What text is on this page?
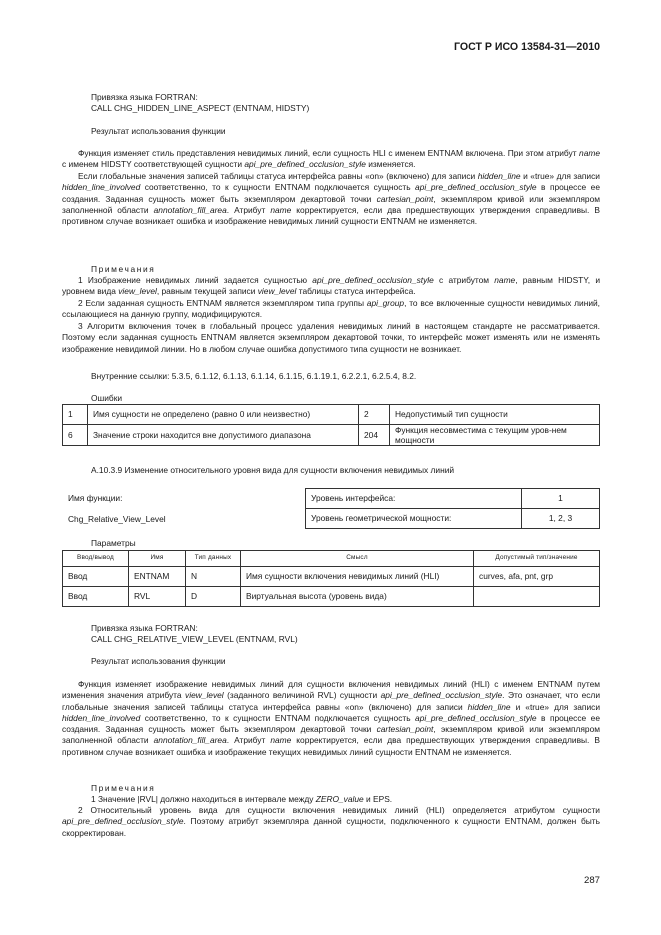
ГОСТ Р ИСО 13584-31—2010

Привязка языка FORTRAN:

CALL CHG_HIDDEN_LINE_ASPECT (ENTNAM, HIDSTY)

Результат использования функции

Функция изменяет стиль представления невидимых линий, если сущность HLI с именем ENTNAM включена. При этом атрибут name с именем HIDSTY соответствующей сущности api_pre_defined_occlusion_style изменяется.

Если глобальные значения записей таблицы статуса интерфейса равны «on» (включено) для записи hidden_line и «true» для записи hidden_line_involved соответственно, то к сущности ENTNAM подключается сущность api_pre_defined_occlusion_style в процессе ее создания. Заданная сущность может быть экземпляром декартовой точки cartesian_point, экземпляром кривой или экземпляром заполненной области annotation_fill_area. Атрибут name корректируется, если два предшествующих утверждения справедливы. В противном случае возникает ошибка и изображение невидимых линий сущности ENTNAM не изменяется.

Примечания

1 Изображение невидимых линий задается сущностью api_pre_defined_occlusion_style с атрибутом name, равным HIDSTY, и уровнем вида view_level, равным текущей записи view_level таблицы статуса интерфейса.

2 Если заданная сущность ENTNAM является экземпляром типа группы api_group, то все включенные сущности невидимых линий, ссылающиеся на данную группу, модифицируются.

3 Алгоритм включения точек в глобальный процесс удаления невидимых линий в настоящем стандарте не рассматривается. Поэтому если заданная сущность ENTNAM является экземпляром декартовой точки, то интерфейс может изменять или не изменять изображение невидимой линии. Но в любом случае ошибка допустимого типа сущности не возникает.

Внутренние ссылки: 5.3.5, 6.1.12, 6.1.13, 6.1.14, 6.1.15, 6.1.19.1, 6.2.2.1, 6.2.5.4, 8.2.

Ошибки

1	Имя сущности не определено (равно 0 или неизвестно)	2	Недопустимый тип сущности
6	Значение строки находится вне допустимого диапазона	204	Функция несовместима с текущим уров-нем мощности

А.10.3.9 Изменение относительного уровня вида для сущности включения невидимых линий

Имя функции:

Chg_Relative_View_Level

Уровень интерфейса:	1
Уровень геометрической мощности:	1, 2, 3

Параметры

Ввод/вывод	Имя	Тип данных	Смысл	Допустимый тип/значение
Ввод	ENTNAM	N	Имя сущности включения невидимых линий (HLI)	curves, afa, pnt, grp
Ввод	RVL	D	Виртуальная высота (уровень вида)	

Привязка языка FORTRAN:

CALL CHG_RELATIVE_VIEW_LEVEL (ENTNAM, RVL)

Результат использования функции

Функция изменяет изображение невидимых линий для сущности включения невидимых линий (HLI) с именем ENTNAM путем изменения значения атрибута view_level (заданного величиной RVL) сущности api_pre_defined_occlusion_style. Это означает, что если глобальные значения записей таблицы статуса интерфейса равны «on» (включено) для записи hidden_line и «true» для записи hidden_line_involved соответственно, то к сущности ENTNAM подключается сущность api_pre_defined_occlusion_style в процессе ее создания. Заданная сущность может быть экземпляром декартовой точки cartesian_point, экземпляром кривой или экземпляром заполненной области annotation_fill_area. Атрибут name корректируется, если два предшествующих утверждения справедливы. В противном случае возникает ошибка и изображение текущих невидимых линий сущности ENTNAM не изменяется.

Примечания

1 Значение |RVL| должно находиться в интервале между ZERO_value и EPS.

2 Относительный уровень вида для сущности включения невидимых линий (HLI) определяется атрибутом сущности api_pre_defined_occlusion_style. Поэтому атрибут экземпляра данной сущности, подключенного к сущности ENTNAM, должен быть скорректирован.

287
